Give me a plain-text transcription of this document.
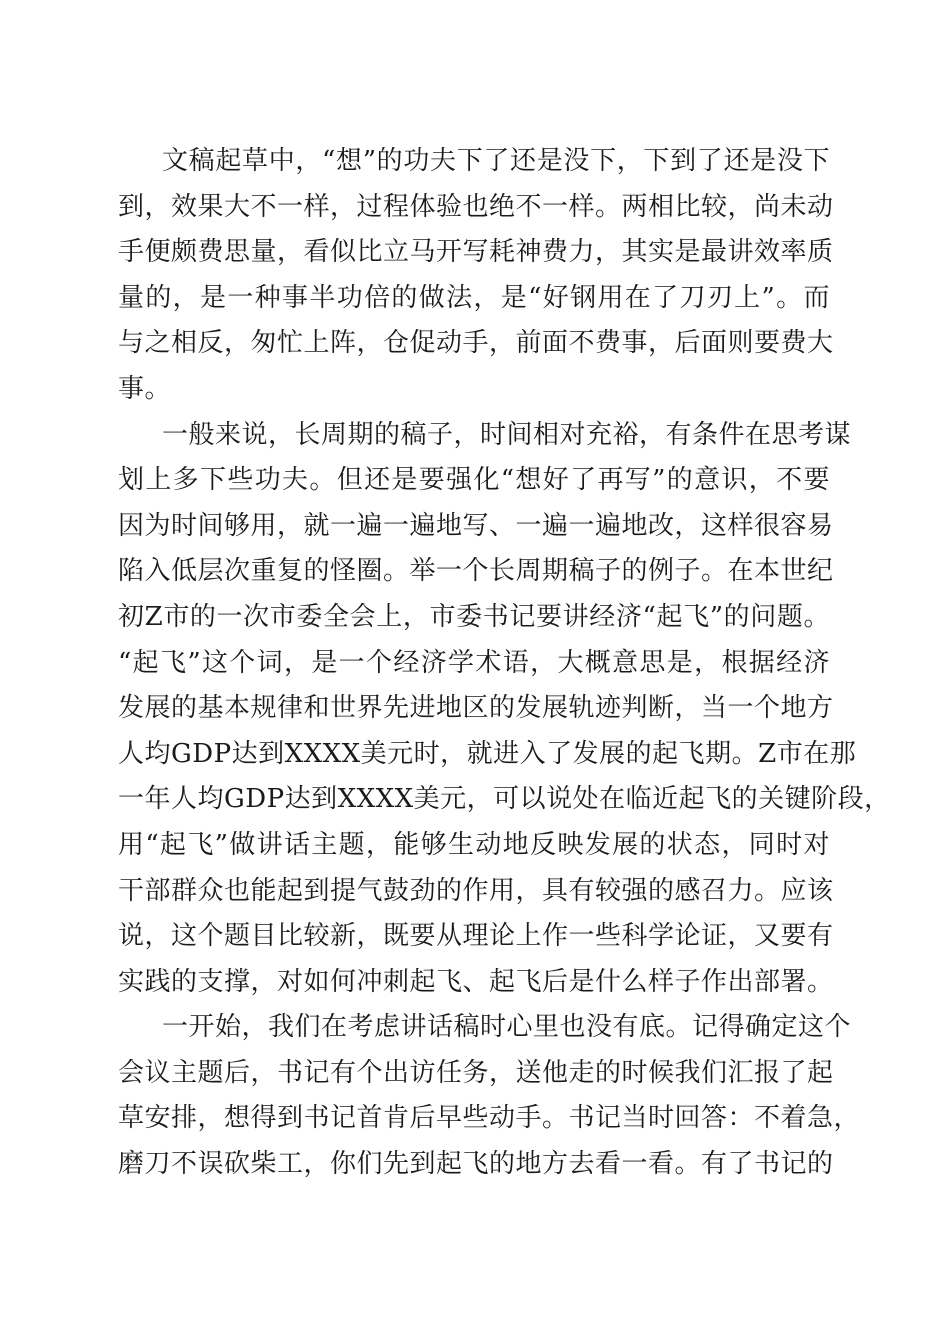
文稿起草中，“想”的功夫下了还是没下，下到了还是没下
到，效果大不一样，过程体验也绝不一样。两相比较，尚未动
手便颇费思量，看似比立马开写耗神费力，其实是最讲效率质
量的，是一种事半功倍的做法，是“好钢用在了刀刃上”。而
与之相反，匆忙上阵，仓促动手，前面不费事，后面则要费大
事。
一般来说，长周期的稿子，时间相对充裕，有条件在思考谋
划上多下些功夫。但还是要强化“想好了再写”的意识，不要
因为时间够用，就一遍一遍地写、一遍一遍地改，这样很容易
陷入低层次重复的怪圈。举一个长周期稿子的例子。在本世纪
初Z市的一次市委全会上，市委书记要讲经济“起飞”的问题。
“起飞”这个词，是一个经济学术语，大概意思是，根据经济
发展的基本规律和世界先进地区的发展轨迹判断，当一个地方
人均GDP达到XXXX美元时，就进入了发展的起飞期。Z市在那
一年人均GDP达到XXXX美元，可以说处在临近起飞的关键阶段，
用“起飞”做讲话主题，能够生动地反映发展的状态，同时对
干部群众也能起到提气鼓劲的作用，具有较强的感召力。应该
说，这个题目比较新，既要从理论上作一些科学论证，又要有
实践的支撑，对如何冲刺起飞、起飞后是什么样子作出部署。
一开始，我们在考虑讲话稿时心里也没有底。记得确定这个
会议主题后，书记有个出访任务，送他走的时候我们汇报了起
草安排，想得到书记首肯后早些动手。书记当时回答：不着急，
磨刀不误砍柴工，你们先到起飞的地方去看一看。有了书记的
